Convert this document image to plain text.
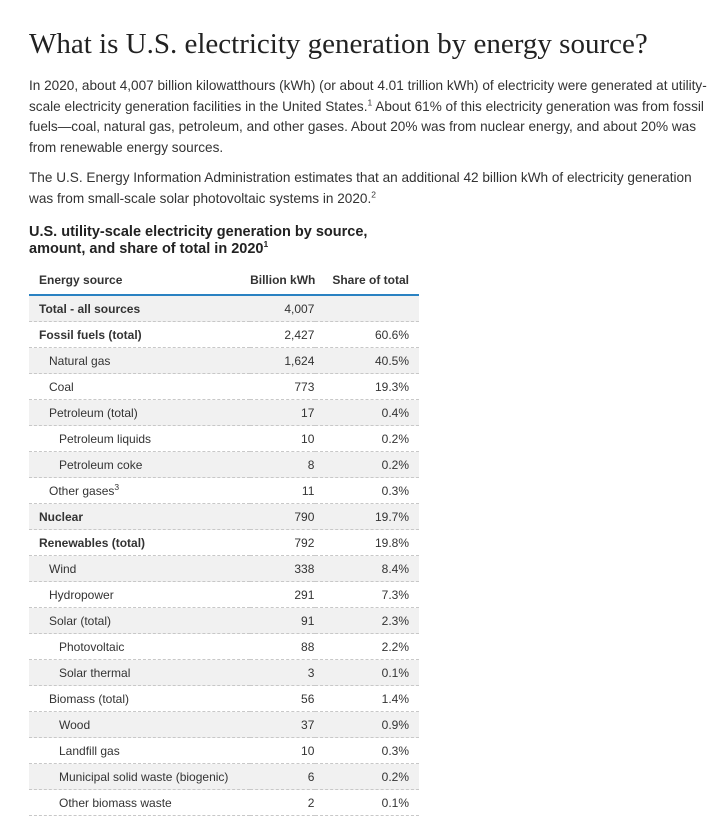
What is U.S. electricity generation by energy source?

In 2020, about 4,007 billion kilowatthours (kWh) (or about 4.01 trillion kWh) of electricity were generated at utility-scale electricity generation facilities in the United States.$^1$ About 61% of this electricity generation was from fossil fuels—coal, natural gas, petroleum, and other gases. About 20% was from nuclear energy, and about 20% was from renewable energy sources.

The U.S. Energy Information Administration estimates that an additional 42 billion kWh of electricity generation was from small-scale solar photovoltaic systems in 2020.$^2$

U.S. utility-scale electricity generation by source, amount, and share of total in 2020$^1$
Energy source	Billion kWh	Share of total
Total - all sources	4,007	
Fossil fuels (total)	2,427	60.6%
Natural gas	1,624	40.5%
Coal	773	19.3%
Petroleum (total)	17	0.4%
Petroleum liquids	10	0.2%
Petroleum coke	8	0.2%
Other gases$^3$	11	0.3%
Nuclear	790	19.7%
Renewables (total)	792	19.8%
Wind	338	8.4%
Hydropower	291	7.3%
Solar (total)	91	2.3%
Photovoltaic	88	2.2%
Solar thermal	3	0.1%
Biomass (total)	56	1.4%
Wood	37	0.9%
Landfill gas	10	0.3%
Municipal solid waste (biogenic)	6	0.2%
Other biomass waste	2	0.1%
